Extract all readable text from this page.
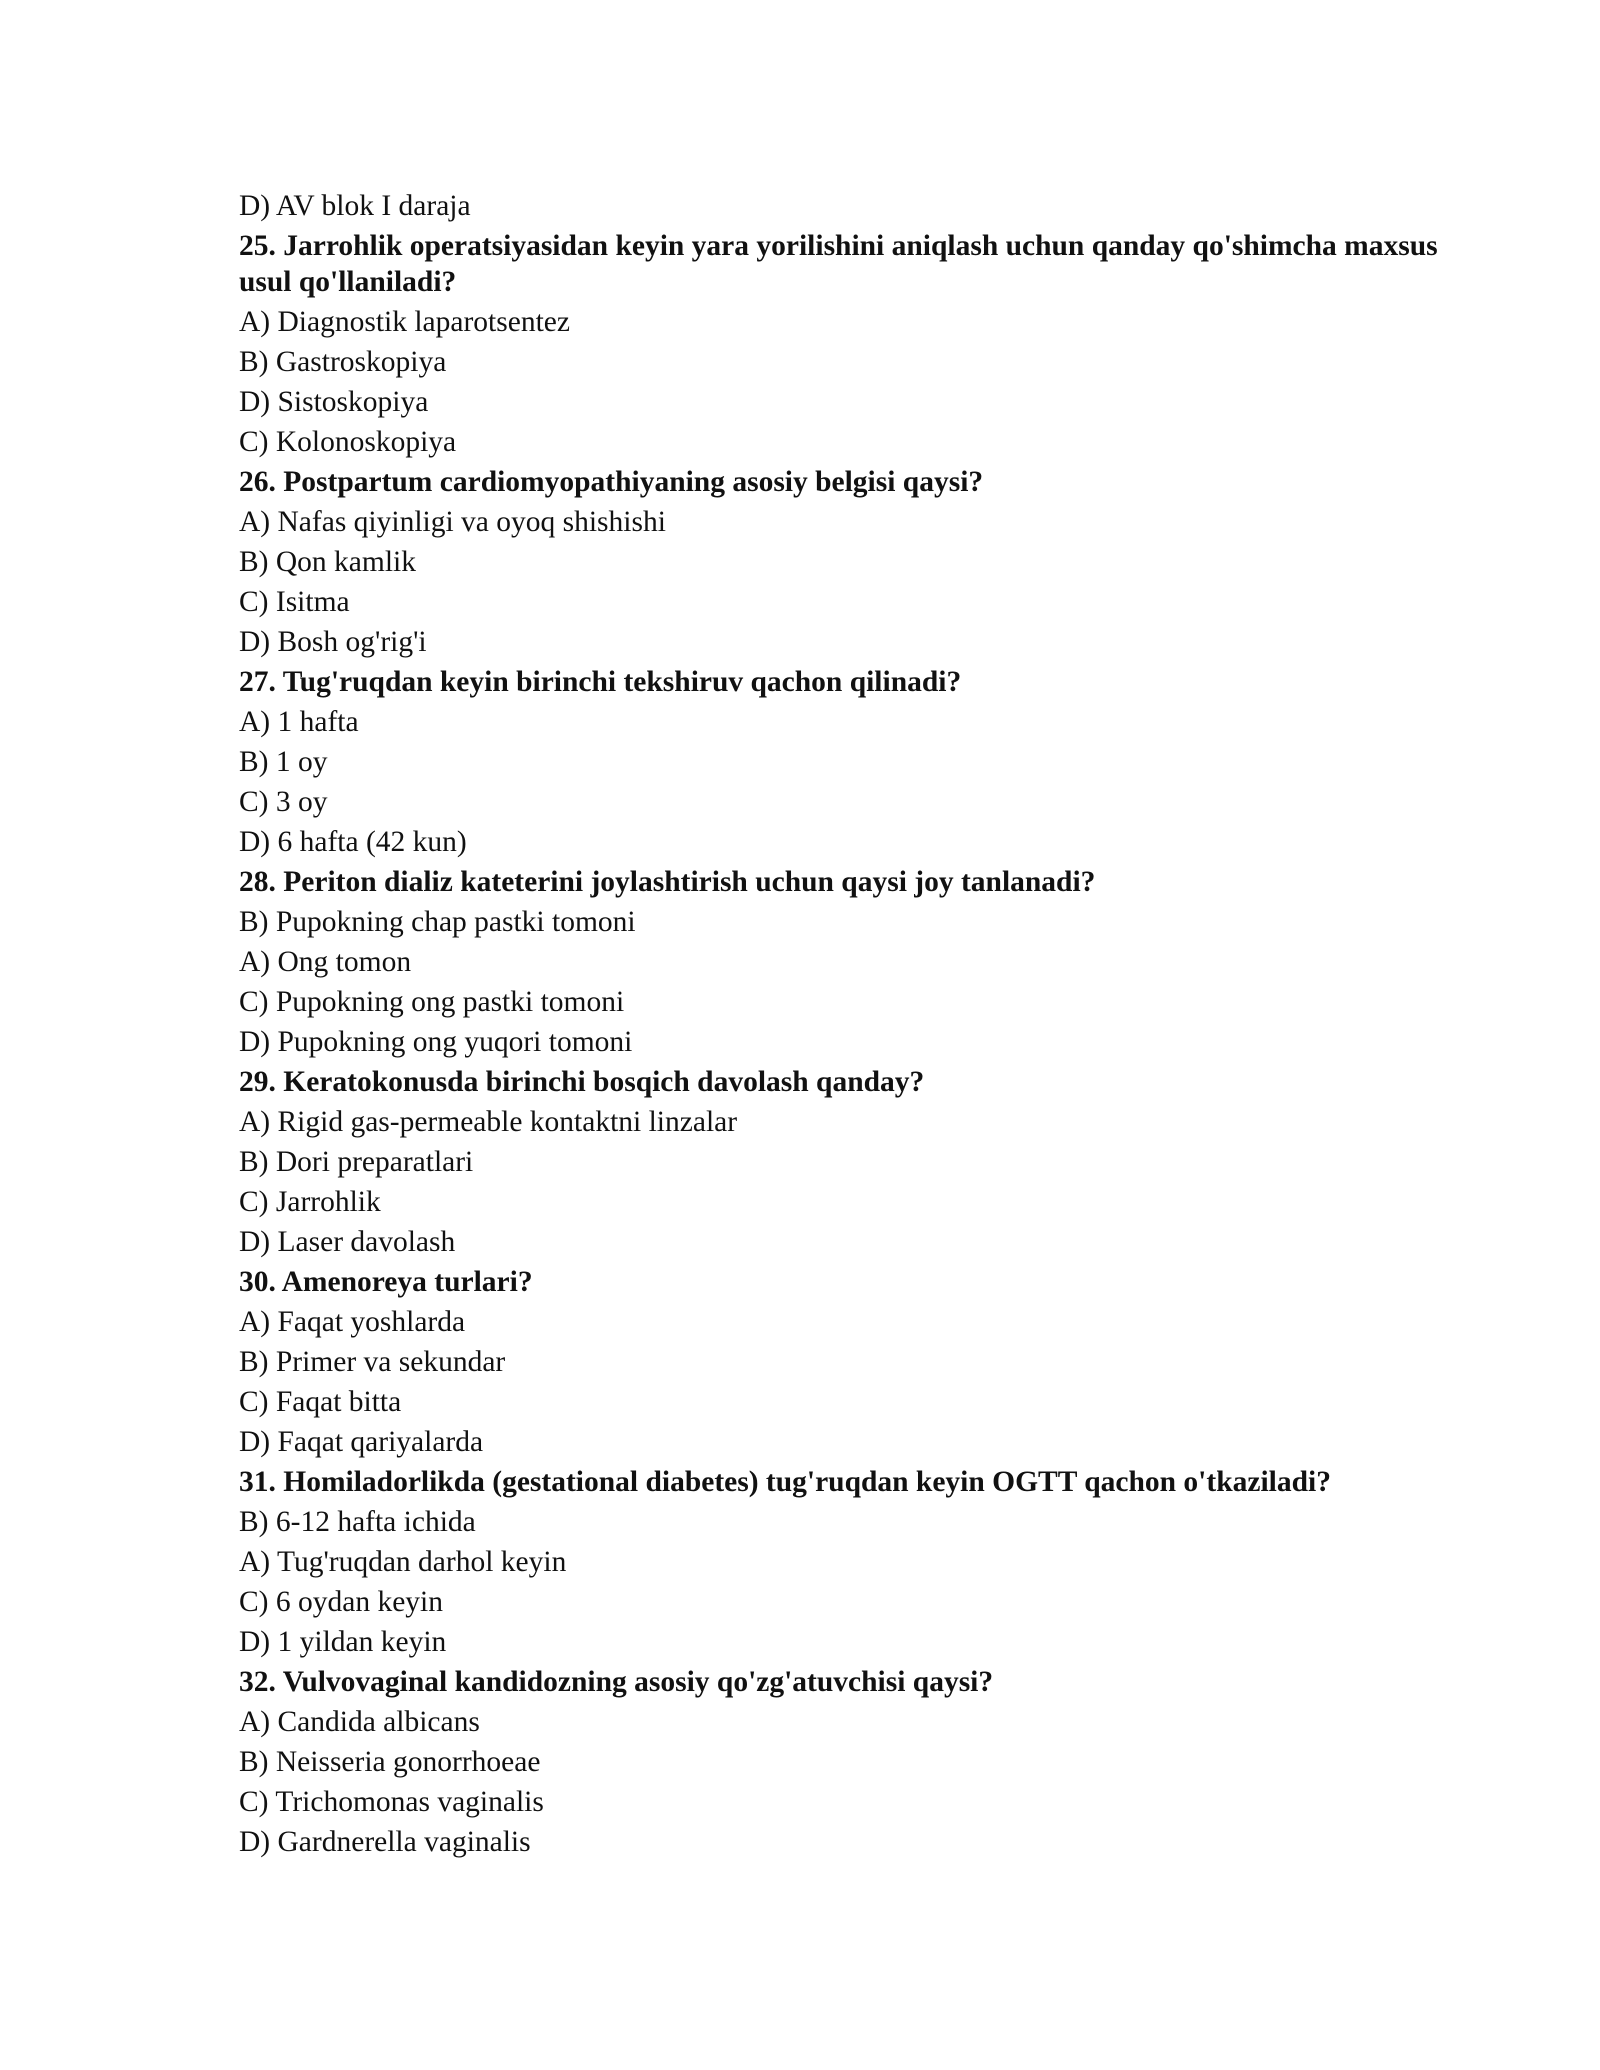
D) AV blok I daraja

25. Jarrohlik operatsiyasidan keyin yara yorilishini aniqlash uchun qanday qo'shimcha maxsus usul qo'llaniladi?

A) Diagnostik laparotsentez

B) Gastroskopiya

D) Sistoskopiya

C) Kolonoskopiya

26. Postpartum cardiomyopathiyaning asosiy belgisi qaysi?

A) Nafas qiyinligi va oyoq shishishi

B) Qon kamlik

C) Isitma

D) Bosh og'rig'i

27. Tug'ruqdan keyin birinchi tekshiruv qachon qilinadi?

A) 1 hafta

B) 1 oy

C) 3 oy

D) 6 hafta (42 kun)

28. Periton dializ kateterini joylashtirish uchun qaysi joy tanlanadi?

B) Pupokning chap pastki tomoni

A) Ong tomon

C) Pupokning ong pastki tomoni

D) Pupokning ong yuqori tomoni

29. Keratokonusda birinchi bosqich davolash qanday?

A) Rigid gas-permeable kontaktni linzalar

B) Dori preparatlari

C) Jarrohlik

D) Laser davolash

30. Amenoreya turlari?

A) Faqat yoshlarda

B) Primer va sekundar

C) Faqat bitta

D) Faqat qariyalarda

31. Homiladorlikda (gestational diabetes) tug'ruqdan keyin OGTT qachon o'tkaziladi?

B) 6-12 hafta ichida

A) Tug'ruqdan darhol keyin

C) 6 oydan keyin

D) 1 yildan keyin

32. Vulvovaginal kandidozning asosiy qo'zg'atuvchisi qaysi?

A) Candida albicans

B) Neisseria gonorrhoeae

C) Trichomonas vaginalis

D) Gardnerella vaginalis
